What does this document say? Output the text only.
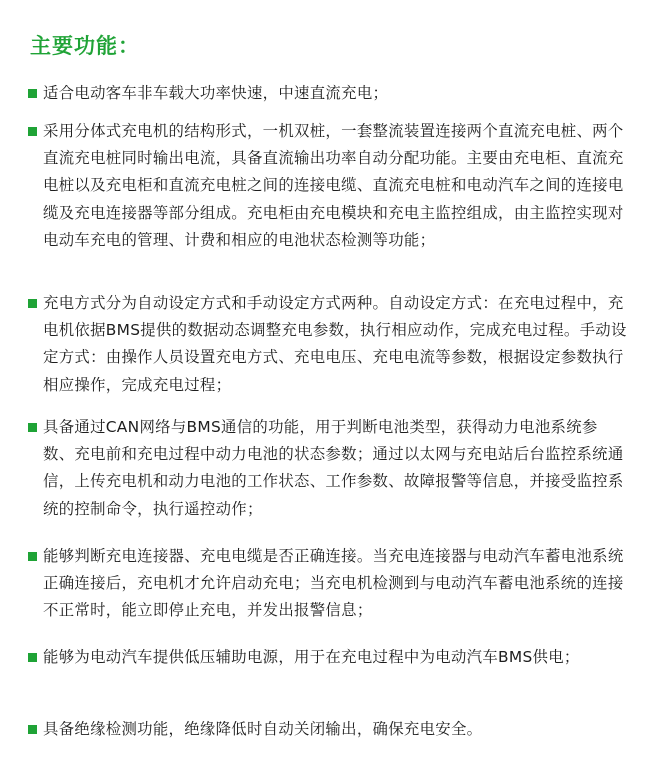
主要功能：
适合电动客车非车载大功率快速，中速直流充电；
采用分体式充电机的结构形式，一机双桩，一套整流装置连接两个直流充电桩、两个直流充电桩同时输出电流，具备直流输出功率自动分配功能。主要由充电柜、直流充电桩以及充电柜和直流充电桩之间的连接电缆、直流充电桩和电动汽车之间的连接电缆及充电连接器等部分组成。充电柜由充电模块和充电主监控组成，由主监控实现对电动车充电的管理、计费和相应的电池状态检测等功能；
充电方式分为自动设定方式和手动设定方式两种。自动设定方式：在充电过程中，充电机依据BMS提供的数据动态调整充电参数，执行相应动作，完成充电过程。手动设定方式：由操作人员设置充电方式、充电电压、充电电流等参数，根据设定参数执行相应操作，完成充电过程；
具备通过CAN网络与BMS通信的功能，用于判断电池类型，获得动力电池系统参数、充电前和充电过程中动力电池的状态参数；通过以太网与充电站后台监控系统通信，上传充电机和动力电池的工作状态、工作参数、故障报警等信息，并接受监控系统的控制命令，执行遥控动作；
能够判断充电连接器、充电电缆是否正确连接。当充电连接器与电动汽车蓄电池系统正确连接后，充电机才允许启动充电；当充电机检测到与电动汽车蓄电池系统的连接不正常时，能立即停止充电，并发出报警信息；
能够为电动汽车提供低压辅助电源，用于在充电过程中为电动汽车BMS供电；
具备绝缘检测功能，绝缘降低时自动关闭输出，确保充电安全。
